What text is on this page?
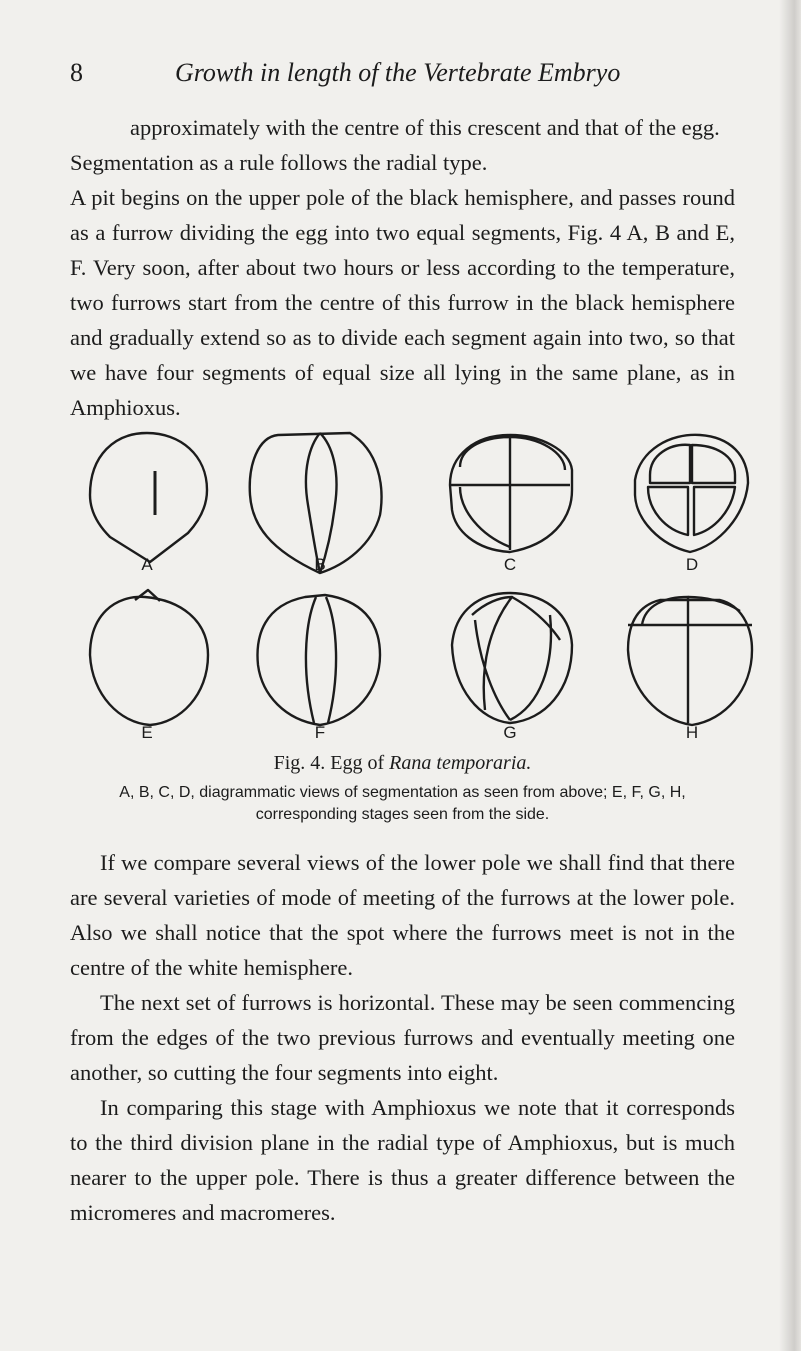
8	Growth in length of the Vertebrate Embryo

approximately with the centre of this crescent and that of the egg.

Segmentation as a rule follows the radial type.

A pit begins on the upper pole of the black hemisphere, and passes round as a furrow dividing the egg into two equal segments, Fig. 4 A, B and E, F. Very soon, after about two hours or less according to the temperature, two furrows start from the centre of this furrow in the black hemisphere and gradually extend so as to divide each segment again into two, so that we have four segments of equal size all lying in the same plane, as in Amphioxus.

A	B	C	D
E	F	G	H
Fig. 4. Egg of Rana temporaria.
A, B, C, D, diagrammatic views of segmentation as seen from above; E, F, G, H, corresponding stages seen from the side.

If we compare several views of the lower pole we shall find that there are several varieties of mode of meeting of the furrows at the lower pole. Also we shall notice that the spot where the furrows meet is not in the centre of the white hemisphere.

The next set of furrows is horizontal. These may be seen commencing from the edges of the two previous furrows and eventually meeting one another, so cutting the four segments into eight.

In comparing this stage with Amphioxus we note that it corresponds to the third division plane in the radial type of Amphioxus, but is much nearer to the upper pole. There is thus a greater difference between the micromeres and macromeres.
